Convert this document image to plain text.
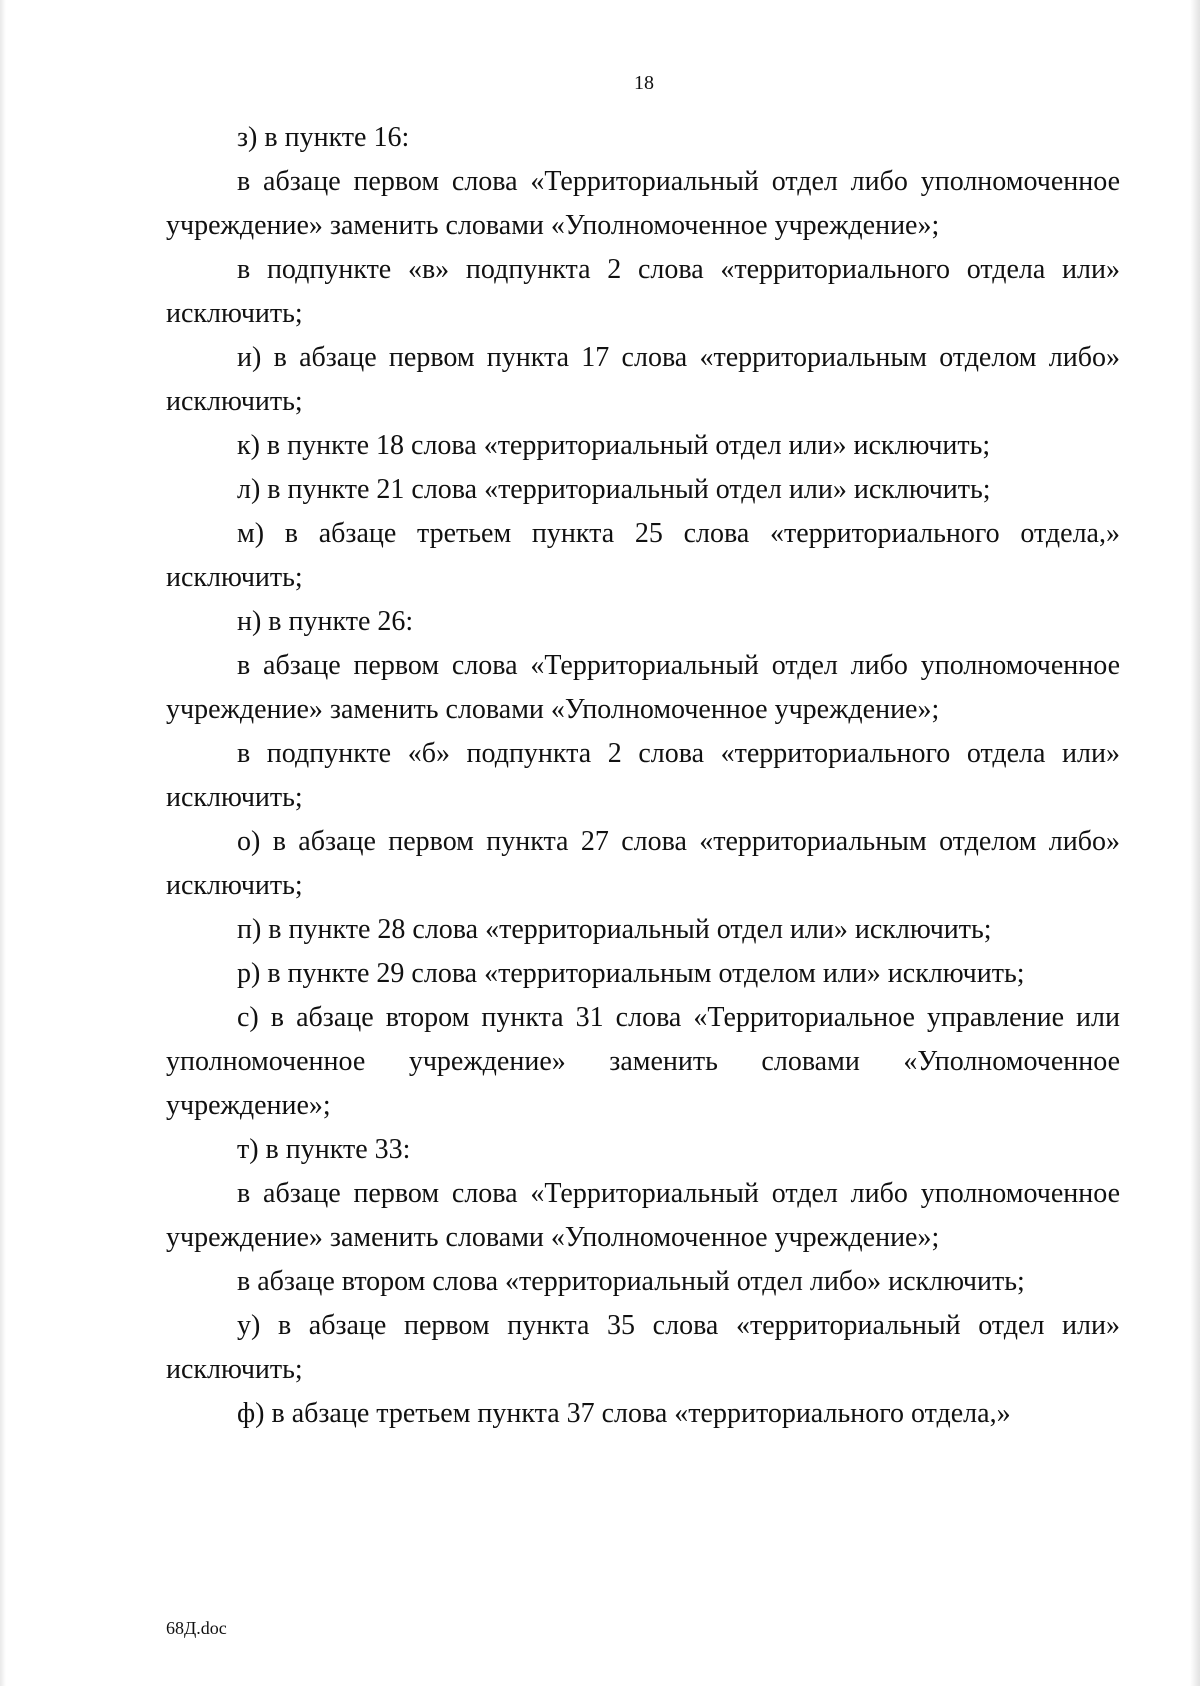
18

з) в пункте 16:

в абзаце первом слова «Территориальный отдел либо уполномоченное учреждение» заменить словами «Уполномоченное учреждение»;

в подпункте «в» подпункта 2 слова «территориального отдела или» исключить;

и) в абзаце первом пункта 17 слова «территориальным отделом либо» исключить;

к) в пункте 18 слова «территориальный отдел или» исключить;

л) в пункте 21 слова «территориальный отдел или» исключить;

м) в абзаце третьем пункта 25 слова «территориального отдела,» исключить;

н) в пункте 26:

в абзаце первом слова «Территориальный отдел либо уполномоченное учреждение» заменить словами «Уполномоченное учреждение»;

в подпункте «б» подпункта 2 слова «территориального отдела или» исключить;

о) в абзаце первом пункта 27 слова «территориальным отделом либо» исключить;

п) в пункте 28 слова «территориальный отдел или» исключить;

р) в пункте 29 слова «территориальным отделом или» исключить;

с) в абзаце втором пункта 31 слова «Территориальное управление или уполномоченное учреждение» заменить словами «Уполномоченное учреждение»;

т) в пункте 33:

в абзаце первом слова «Территориальный отдел либо уполномоченное учреждение» заменить словами «Уполномоченное учреждение»;

в абзаце втором слова «территориальный отдел либо» исключить;

у) в абзаце первом пункта 35 слова «территориальный отдел или» исключить;

ф) в абзаце третьем пункта 37 слова «территориального отдела,»

68Д.doc
